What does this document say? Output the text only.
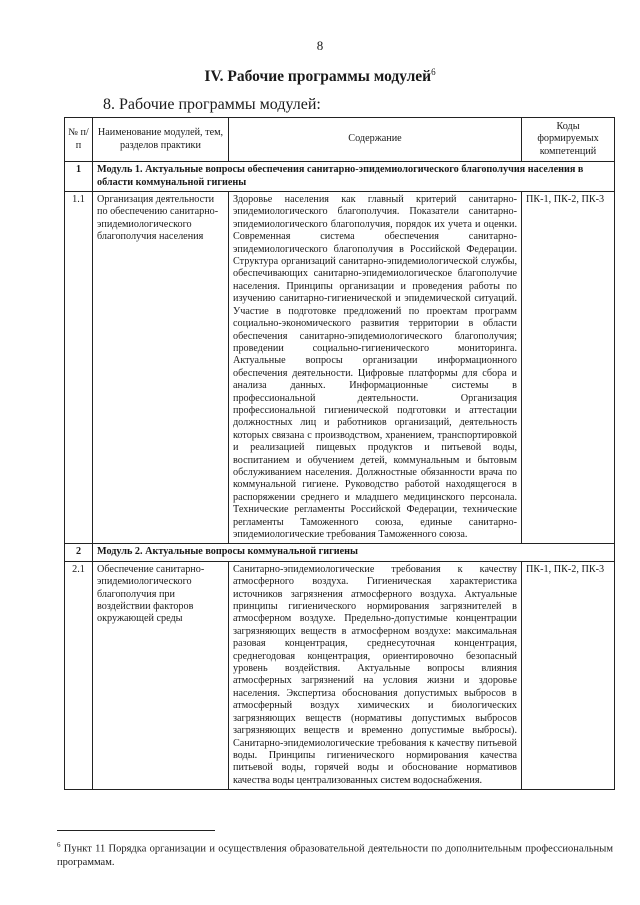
8
IV. Рабочие программы модулей$^6$
8. Рабочие программы модулей:
№ п/п	Наименование модулей, тем, разделов практики	Содержание	Коды формируемых компетенций
1	Модуль 1. Актуальные вопросы обеспечения санитарно-эпидемиологического благополучия населения в области коммунальной гигиены		
1.1	Организация деятельности по обеспечению санитарно-эпидемиологического благополучия населения	Здоровье населения как главный критерий санитарно-эпидемиологического благополучия. Показатели санитарно-эпидемиологического благополучия, порядок их учета и оценки. Современная система обеспечения санитарно-эпидемиологического благополучия в Российской Федерации. Структура организаций санитарно-эпидемиологической службы, обеспечивающих санитарно-эпидемиологическое благополучие населения. Принципы организации и проведения работы по изучению санитарно-гигиенической и эпидемической ситуаций. Участие в подготовке предложений по проектам программ социально-экономического развития территории в области обеспечения санитарно-эпидемиологического благополучия; проведении социально-гигиенического мониторинга. Актуальные вопросы организации информационного обеспечения деятельности. Цифровые платформы для сбора и анализа данных. Информационные системы в профессиональной деятельности. Организация профессиональной гигиенической подготовки и аттестации должностных лиц и работников организаций, деятельность которых связана с производством, хранением, транспортировкой и реализацией пищевых продуктов и питьевой воды, воспитанием и обучением детей, коммунальным и бытовым обслуживанием населения. Должностные обязанности врача по коммунальной гигиене. Руководство работой находящегося в распоряжении среднего и младшего медицинского персонала. Технические регламенты Российской Федерации, технические регламенты Таможенного союза, единые санитарно-эпидемиологические требования Таможенного союза.	ПК-1, ПК-2, ПК-3
2	Модуль 2. Актуальные вопросы коммунальной гигиены		
2.1	Обеспечение санитарно-эпидемиологического благополучия при воздействии факторов окружающей среды	Санитарно-эпидемиологические требования к качеству атмосферного воздуха. Гигиеническая характеристика источников загрязнения атмосферного воздуха. Актуальные принципы гигиенического нормирования загрязнителей в атмосферном воздухе. Предельно-допустимые концентрации загрязняющих веществ в атмосферном воздухе: максимальная разовая концентрация, среднесуточная концентрация, среднегодовая концентрация, ориентировочно безопасный уровень воздействия. Актуальные вопросы влияния атмосферных загрязнений на условия жизни и здоровье населения. Экспертиза обоснования допустимых выбросов в атмосферный воздух химических и биологических загрязняющих веществ (нормативы допустимых выбросов загрязняющих веществ и временно допустимые выбросы). Санитарно-эпидемиологические требования к качеству питьевой воды. Принципы гигиенического нормирования качества питьевой воды, горячей воды и обоснование нормативов качества воды централизованных систем водоснабжения.	ПК-1, ПК-2, ПК-3
$^6$ Пункт 11 Порядка организации и осуществления образовательной деятельности по дополнительным профессиональным программам.
